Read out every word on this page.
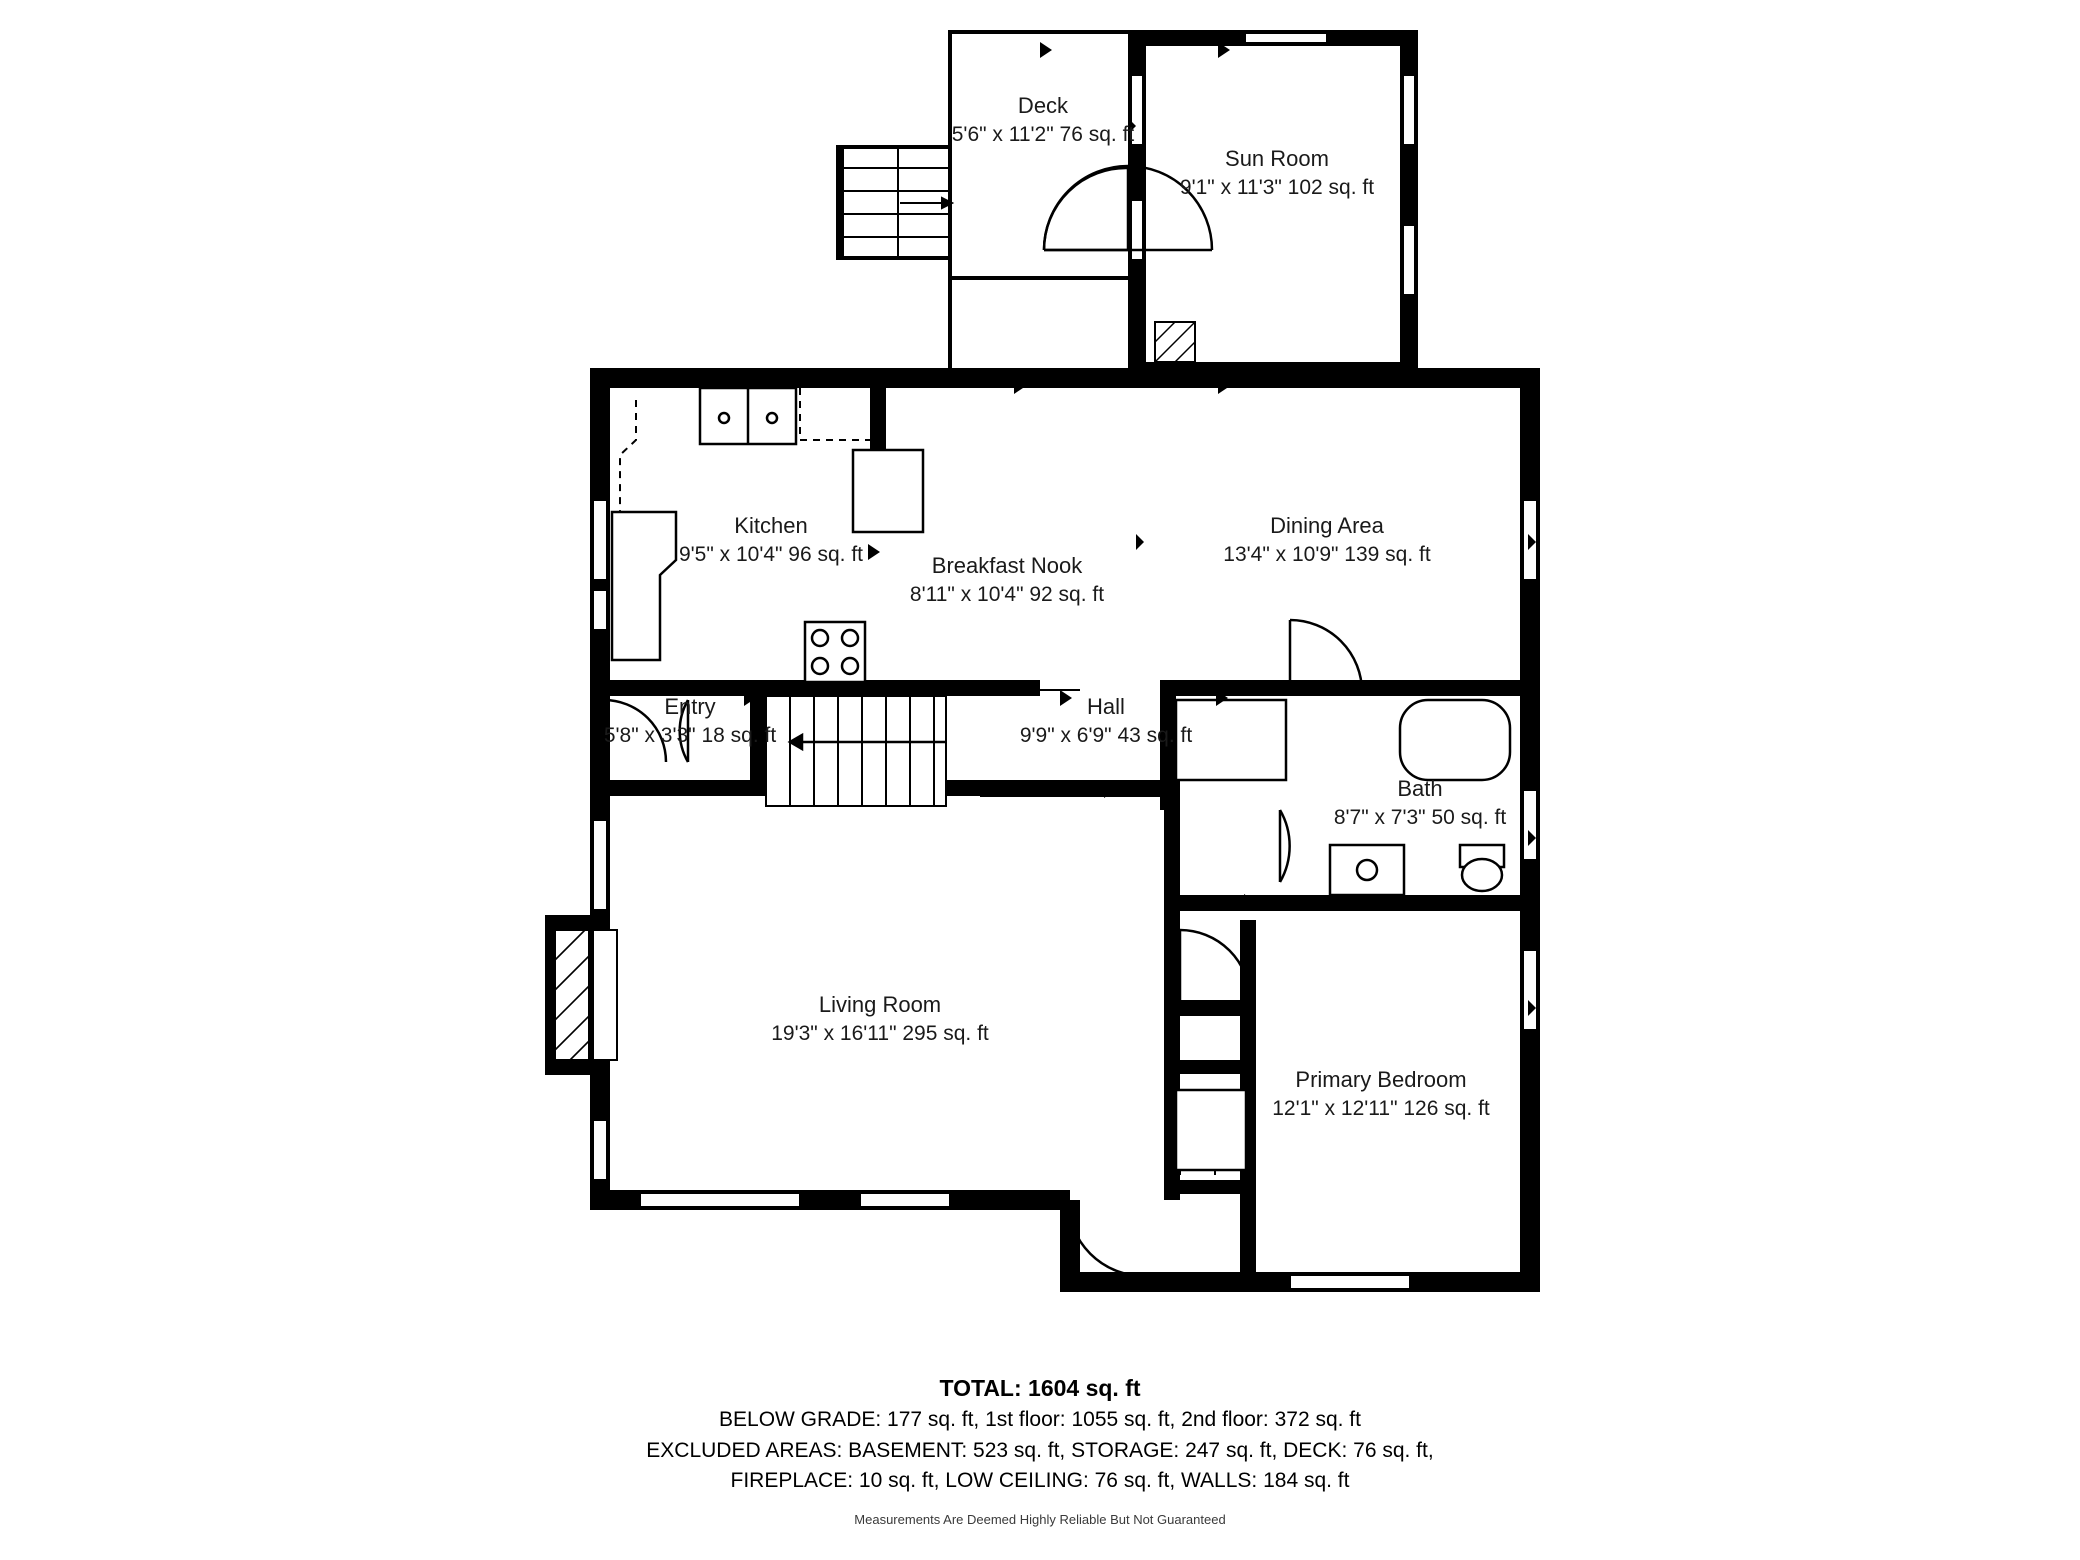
Deck
5'6" x 11'2" 76 sq. ft
Sun Room
9'1" x 11'3" 102 sq. ft
Kitchen
9'5" x 10'4" 96 sq. ft	Breakfast Nook
8'11" x 10'4" 92 sq. ft
Dining Area
13'4" x 10'9" 139 sq. ft
Entry
5'8" x 3'3" 18 sq. ft
Hall
9'9" x 6'9" 43 sq. ft
Bath
8'7" x 7'3" 50 sq. ft
Living Room
19'3" x 16'11" 295 sq. ft
Primary Bedroom
12'1" x 12'11" 126 sq. ft
TOTAL: 1604 sq. ft
BELOW GRADE: 177 sq. ft, 1st floor: 1055 sq. ft, 2nd floor: 372 sq. ft
EXCLUDED AREAS: BASEMENT: 523 sq. ft, STORAGE: 247 sq. ft, DECK: 76 sq. ft,
FIREPLACE: 10 sq. ft, LOW CEILING: 76 sq. ft, WALLS: 184 sq. ft
Measurements Are Deemed Highly Reliable But Not Guaranteed
